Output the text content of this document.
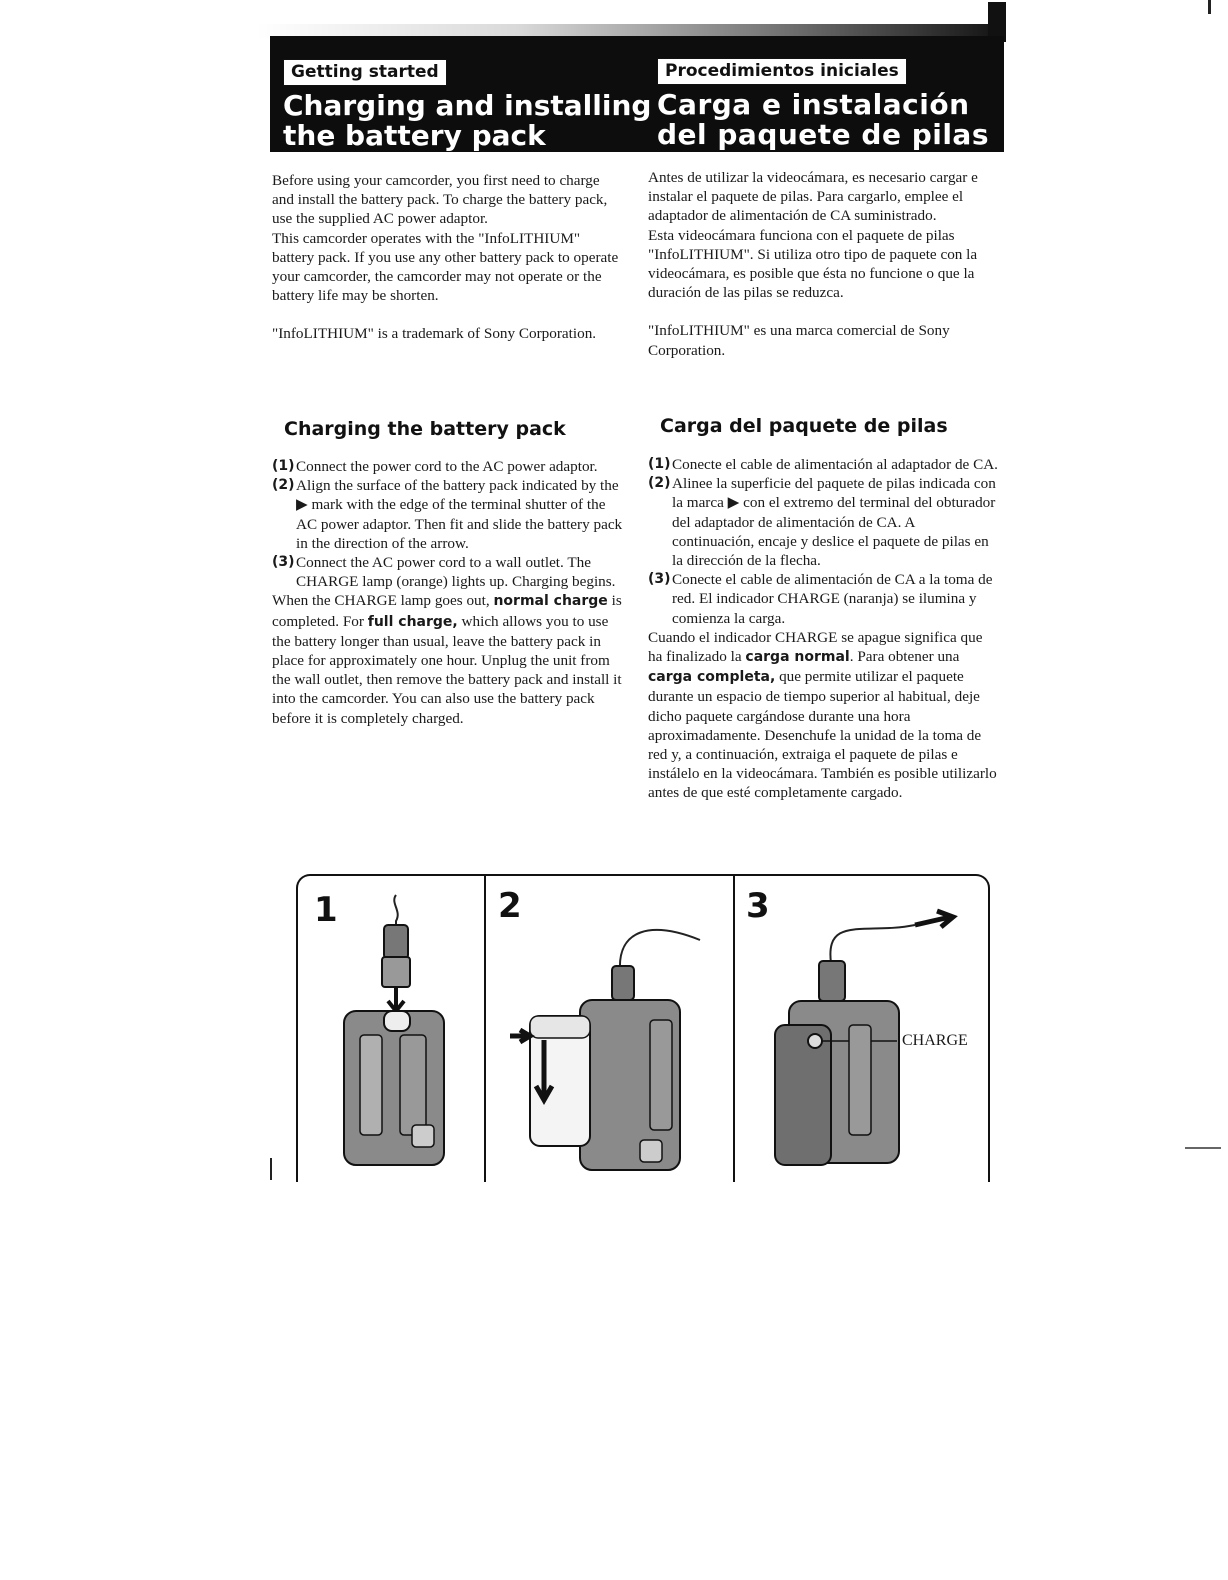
Getting started	Procedimientos iniciales
Charging and installing
the battery pack
Carga e instalación
del paquete de pilas

Before using your camcorder, you first need to charge and install the battery pack. To charge the battery pack, use the supplied AC power adaptor.

This camcorder operates with the "InfoLITHIUM" battery pack. If you use any other battery pack to operate your camcorder, the camcorder may not operate or the battery life may be shorten.

"InfoLITHIUM" is a trademark of Sony Corporation.

Antes de utilizar la videocámara, es necesario cargar e instalar el paquete de pilas. Para cargarlo, emplee el adaptador de alimentación de CA suministrado.

Esta videocámara funciona con el paquete de pilas "InfoLITHIUM". Si utiliza otro tipo de paquete con la videocámara, es posible que ésta no funcione o que la duración de las pilas se reduzca.

"InfoLITHIUM" es una marca comercial de Sony Corporation.

Charging the battery pack	Carga del paquete de pilas
(1) Connect the power cord to the AC power adaptor.
(2) Align the surface of the battery pack indicated by the ▶ mark with the edge of the terminal shutter of the AC power adaptor. Then fit and slide the battery pack in the direction of the arrow.
(3) Connect the AC power cord to a wall outlet. The CHARGE lamp (orange) lights up. Charging begins.

When the CHARGE lamp goes out, normal charge is completed. For full charge, which allows you to use the battery longer than usual, leave the battery pack in place for approximately one hour. Unplug the unit from the wall outlet, then remove the battery pack and install it into the camcorder. You can also use the battery pack before it is completely charged.

(1) Conecte el cable de alimentación al adaptador de CA.
(2) Alinee la superficie del paquete de pilas indicada con la marca ▶ con el extremo del terminal del obturador del adaptador de alimentación de CA. A continuación, encaje y deslice el paquete de pilas en la dirección de la flecha.
(3) Conecte el cable de alimentación de CA a la toma de red. El indicador CHARGE (naranja) se ilumina y comienza la carga.

Cuando el indicador CHARGE se apague significa que ha finalizado la carga normal. Para obtener una carga completa, que permite utilizar el paquete durante un espacio de tiempo superior al habitual, deje dicho paquete cargándose durante una hora aproximadamente. Desenchufe la unidad de la toma de red y, a continuación, extraiga el paquete de pilas e instálelo en la videocámara. También es posible utilizarlo antes de que esté completamente cargado.

1	2	3
CHARGE
